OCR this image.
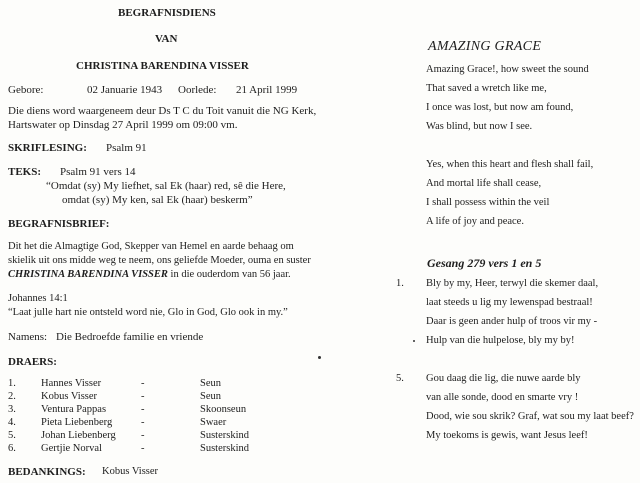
BEGRAFNISDIENS
VAN
CHRISTINA BARENDINA VISSER
Gebore:	02 Januarie 1943 Oorlede: 21 April 1999
Die diens word waargeneem deur Ds T C du Toit vanuit die NG Kerk,
Hartswater op Dinsdag 27 April 1999 om 09:00 vm.
SKRIFLESING: Psalm 91
TEKS: Psalm 91 vers 14
“Omdat (sy) My liefhet, sal Ek (haar) red, sê die Here,
omdat (sy) My ken, sal Ek (haar) beskerm”
BEGRAFNISBRIEF:
Dit het die Almagtige God, Skepper van Hemel en aarde behaag om
skielik uit ons midde weg te neem, ons geliefde Moeder, ouma en suster
CHRISTINA BARENDINA VISSER in die ouderdom van 56 jaar.
Johannes 14:1
“Laat julle hart nie ontsteld word nie, Glo in God, Glo ook in my.”
Namens: Die Bedroefde familie en vriende
DRAERS:
1. Hannes Visser	-	Seun
2. Kobus Visser	-	Seun
3. Ventura Pappas	-	Skoonseun
4. Pieta Liebenberg	-	Swaer
5. Johan Liebenberg -	Susterskind
6. Gertjie Norval	-	Susterskind
BEDANKINGS: Kobus Visser
AMAZING GRACE
Amazing Grace!, how sweet the sound
That saved a wretch like me,
I once was lost, but now am found,
Was blind, but now I see.
Yes, when this heart and flesh shall fail,
And mortal life shall cease,
I shall possess within the veil
A life of joy and peace.
Gesang 279 vers 1 en 5
1. Bly by my, Heer, terwyl die skemer daal,
laat steeds u lig my lewenspad bestraal!
Daar is geen ander hulp of troos vir my -
Hulp van die hulpelose, bly my by!
5. Gou daag die lig, die nuwe aarde bly
van alle sonde, dood en smarte vry !
Dood, wie sou skrik? Graf, wat sou my laat beef?
My toekoms is gewis, want Jesus leef!
